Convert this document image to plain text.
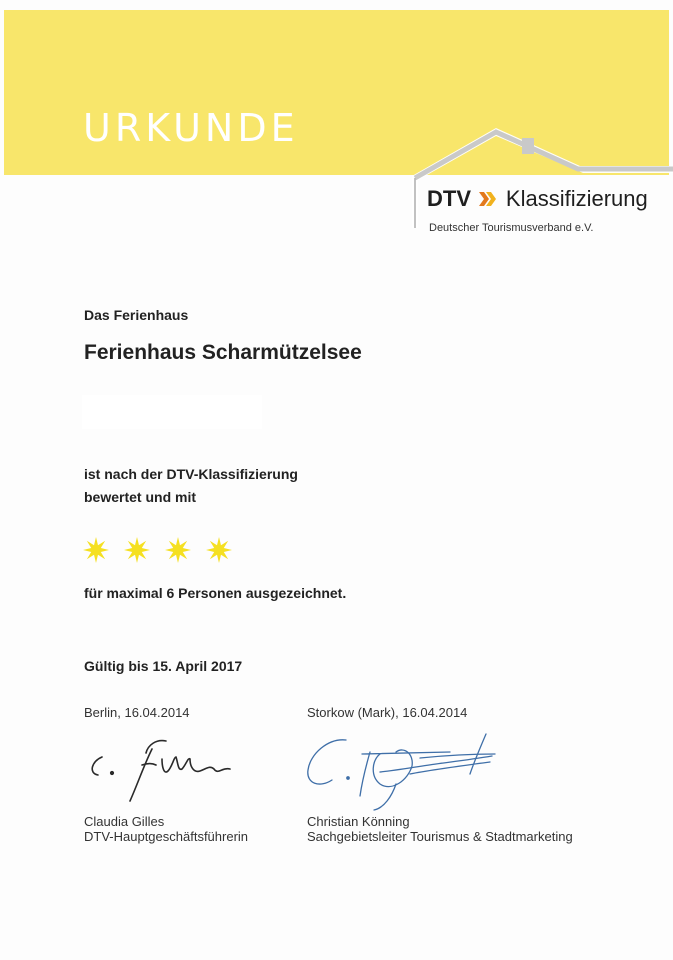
URKUNDE
DTV Klassifizierung
Deutscher Tourismusverband e.V.
Das Ferienhaus
Ferienhaus Scharmützelsee
ist nach der DTV-Klassifizierung
bewertet und mit
für maximal 6 Personen ausgezeichnet.
Gültig bis 15. April 2017
Berlin, 16.04.2014
Claudia Gilles
DTV-Hauptgeschäftsführerin
Storkow (Mark), 16.04.2014
Christian Könning
Sachgebietsleiter Tourismus & Stadtmarketing
